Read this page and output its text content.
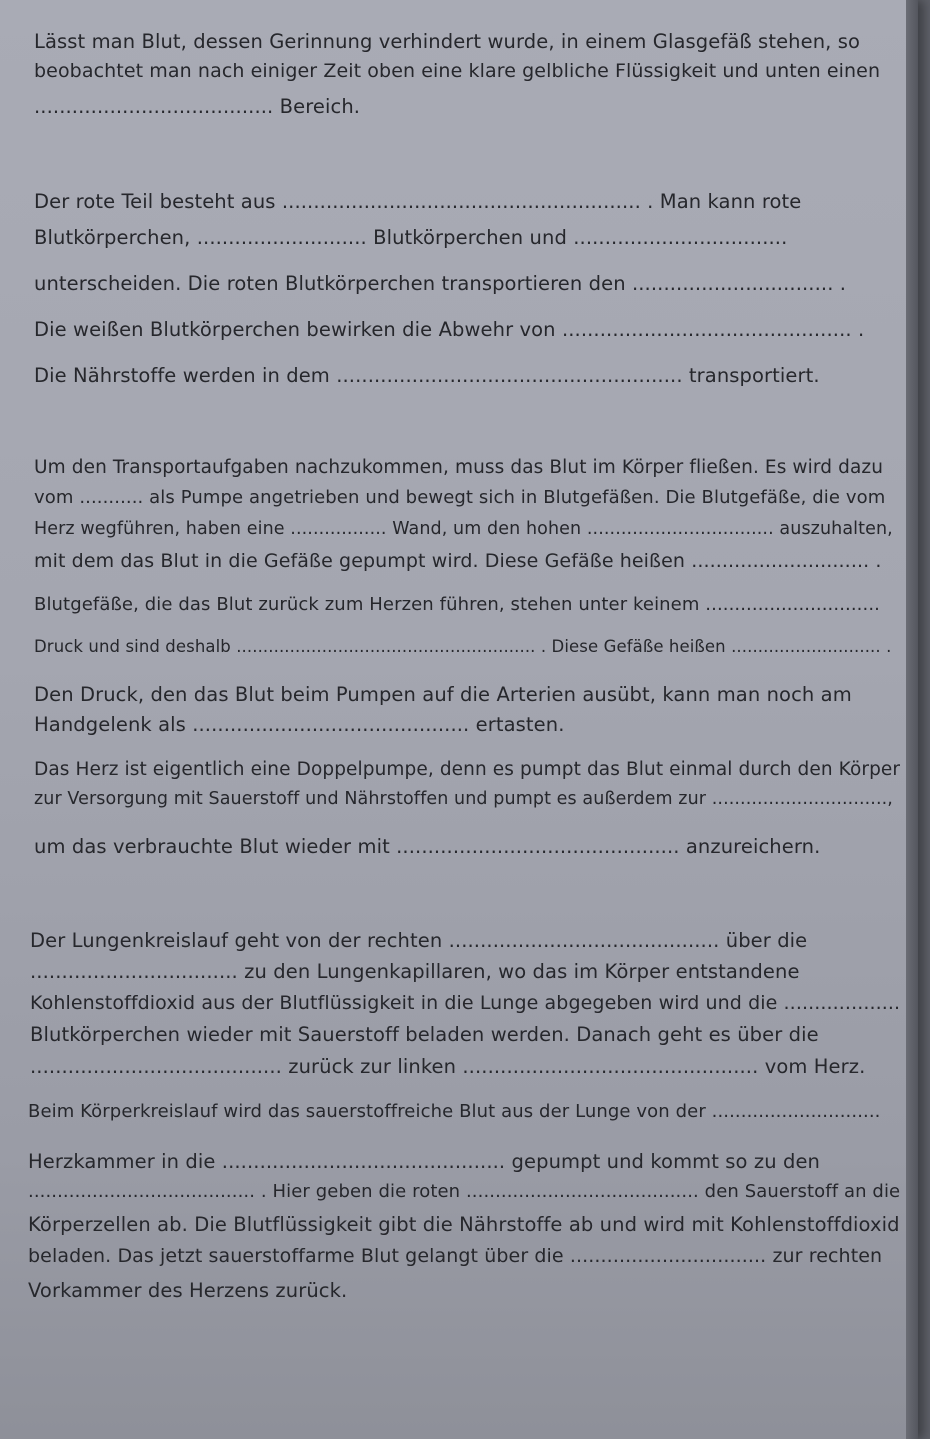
Lässt man Blut, dessen Gerinnung verhindert wurde, in einem Glasgefäß stehen, so
beobachtet man nach einiger Zeit oben eine klare gelbliche Flüssigkeit und unten einen
...................................... Bereich.
Der rote Teil besteht aus ......................................................... . Man kann rote
Blutkörperchen, ........................... Blutkörperchen und ..................................
unterscheiden. Die roten Blutkörperchen transportieren den ................................ .
Die weißen Blutkörperchen bewirken die Abwehr von .............................................. .
Die Nährstoffe werden in dem ....................................................... transportiert.
Um den Transportaufgaben nachzukommen, muss das Blut im Körper fließen. Es wird dazu
vom ........... als Pumpe angetrieben und bewegt sich in Blutgefäßen. Die Blutgefäße, die vom
Herz wegführen, haben eine ................. Wand, um den hohen ................................. auszuhalten,
mit dem das Blut in die Gefäße gepumpt wird. Diese Gefäße heißen ............................. .
Blutgefäße, die das Blut zurück zum Herzen führen, stehen unter keinem ..............................
Druck und sind deshalb ........................................................ . Diese Gefäße heißen ............................ .
Den Druck, den das Blut beim Pumpen auf die Arterien ausübt, kann man noch am
Handgelenk als ............................................ ertasten.
Das Herz ist eigentlich eine Doppelpumpe, denn es pumpt das Blut einmal durch den Körper
zur Versorgung mit Sauerstoff und Nährstoffen und pumpt es außerdem zur ...............................,
um das verbrauchte Blut wieder mit ............................................. anzureichern.
Der Lungenkreislauf geht von der rechten ........................................... über die
................................. zu den Lungenkapillaren, wo das im Körper entstandene
Kohlenstoffdioxid aus der Blutflüssigkeit in die Lunge abgegeben wird und die ...................
Blutkörperchen wieder mit Sauerstoff beladen werden. Danach geht es über die
........................................ zurück zur linken ............................................... vom Herz.
Beim Körperkreislauf wird das sauerstoffreiche Blut aus der Lunge von der .............................
Herzkammer in die ............................................. gepumpt und kommt so zu den
....................................... . Hier geben die roten ........................................ den Sauerstoff an die
Körperzellen ab. Die Blutflüssigkeit gibt die Nährstoffe ab und wird mit Kohlenstoffdioxid
beladen. Das jetzt sauerstoffarme Blut gelangt über die ................................ zur rechten
Vorkammer des Herzens zurück.
